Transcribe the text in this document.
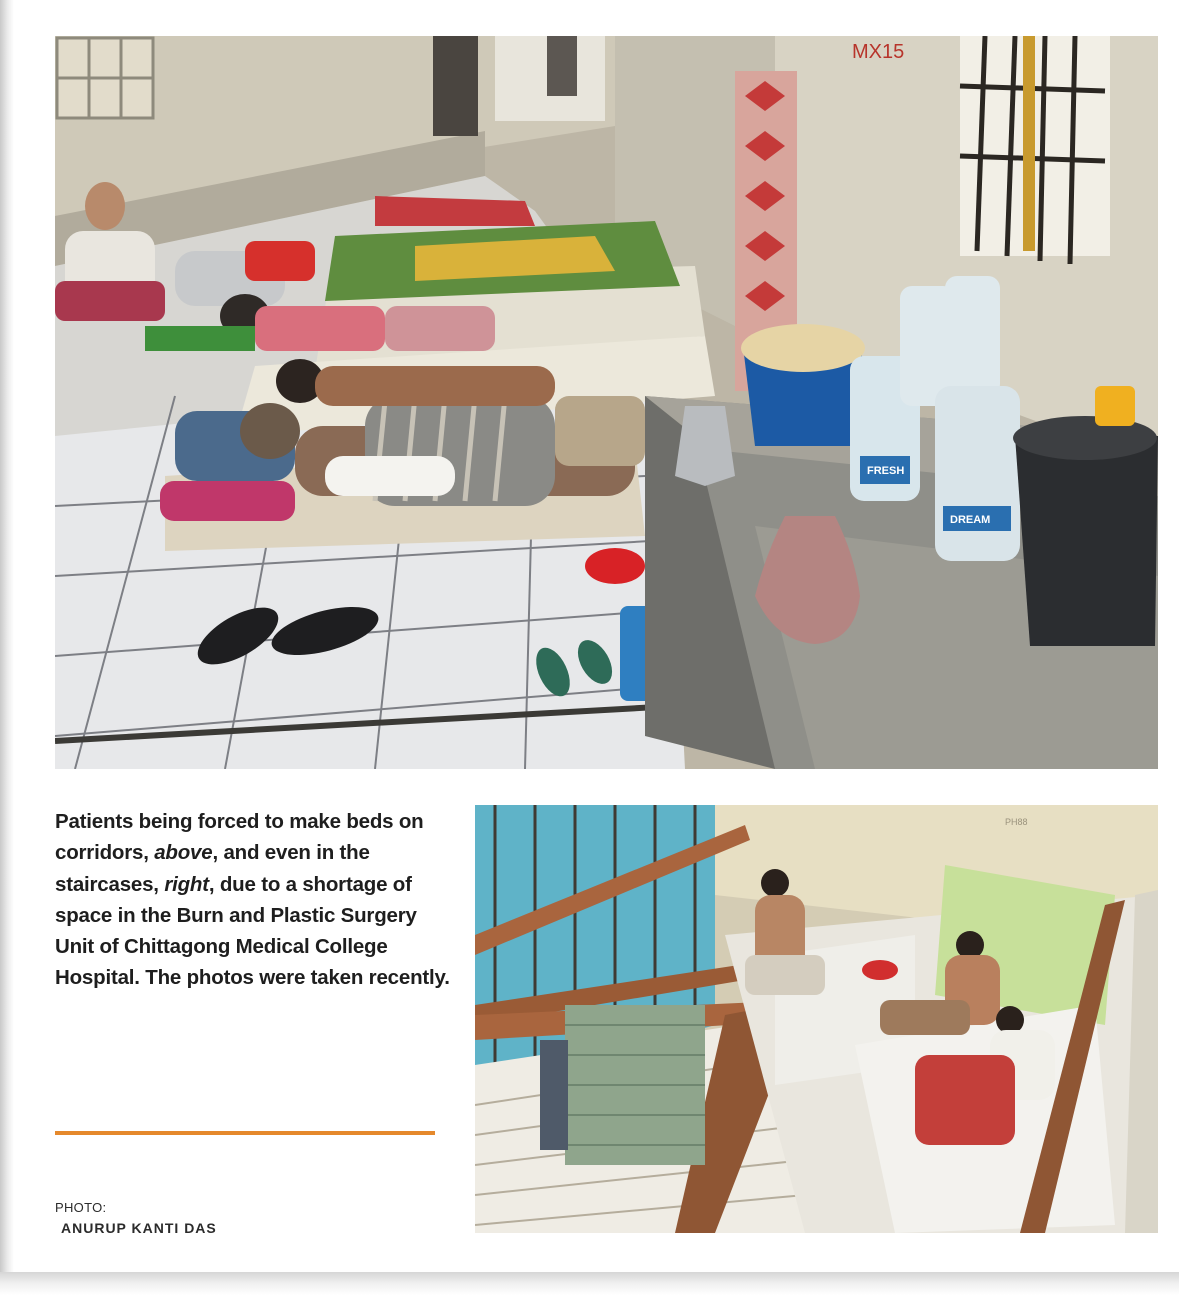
MX15
FRESH
DREAM
PH88
Patients being forced to make beds on corridors, above, and even in the staircases, right, due to a shortage of space in the Burn and Plastic Surgery Unit of Chittagong Medical College Hospital. The photos were taken recently.
PHOTO:
ANURUP KANTI DAS
